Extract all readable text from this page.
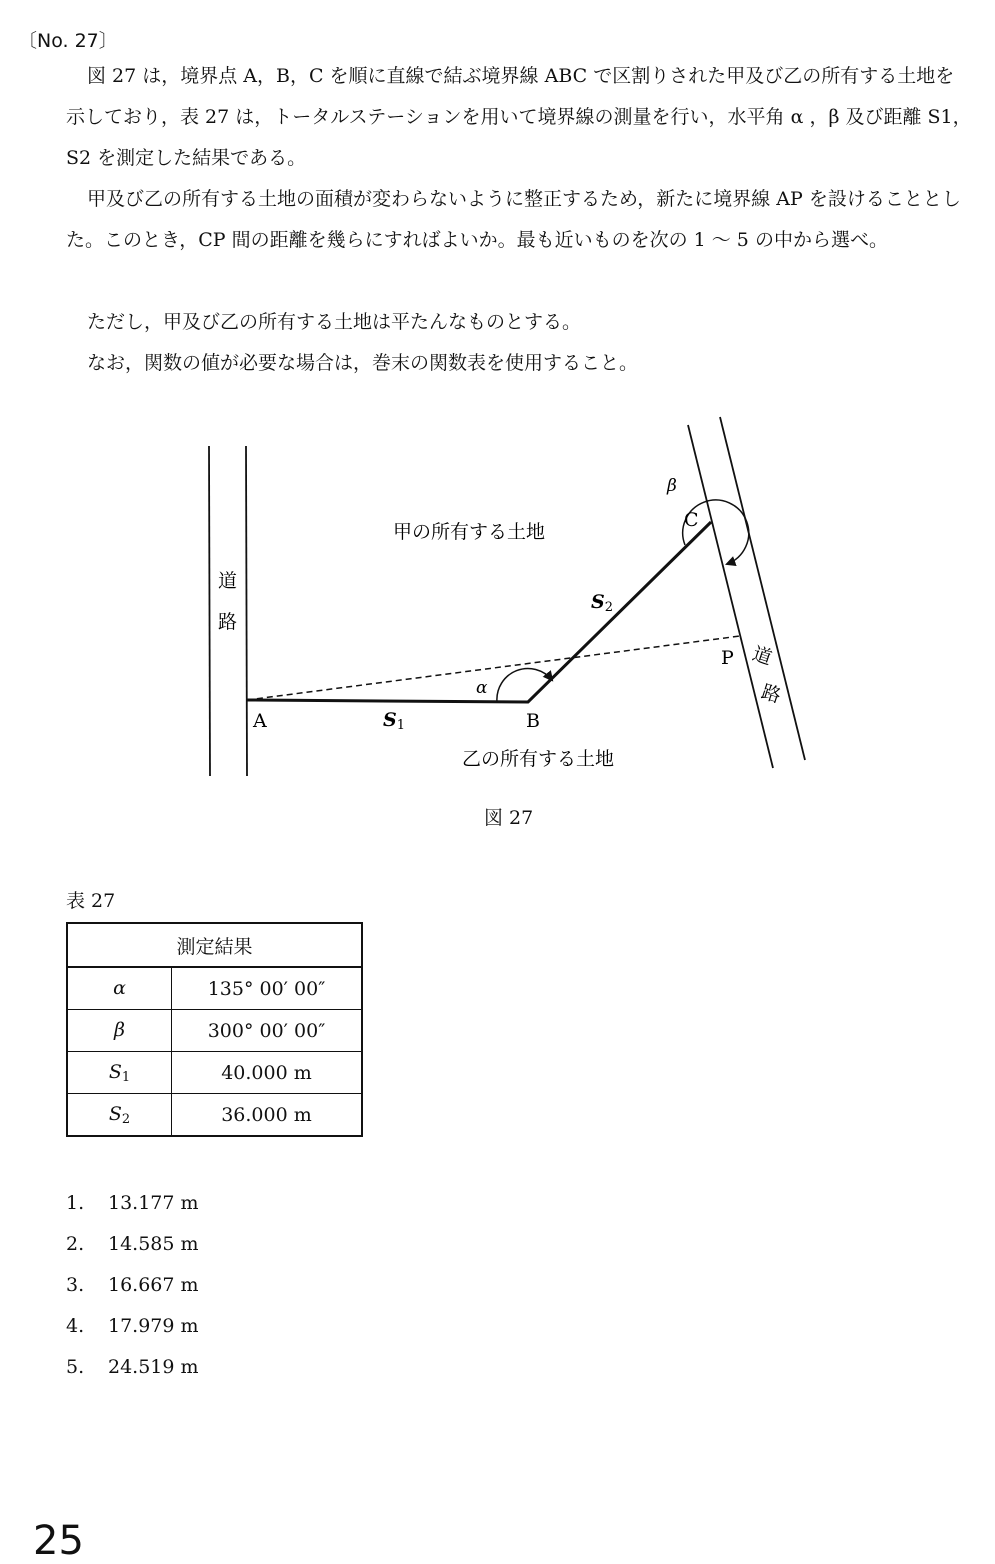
〔No. 27〕

図 27 は，境界点 A，B，C を順に直線で結ぶ境界線 ABC で区割りされた甲及び乙の所有する土地を示しており，表 27 は，トータルステーションを用いて境界線の測量を行い，水平角 α ，β 及び距離 S1，S2 を測定した結果である。

甲及び乙の所有する土地の面積が変わらないように整正するため，新たに境界線 AP を設けることとした。このとき，CP 間の距離を幾らにすればよいか。最も近いものを次の 1 〜 5 の中から選べ。

ただし，甲及び乙の所有する土地は平たんなものとする。

なお，関数の値が必要な場合は，巻末の関数表を使用すること。

道
路
道
路
甲の所有する土地
乙の所有する土地
A	B
C
P
α
β
S1
S2
図 27
表 27
測定結果	
α	135° 00′ 00″
β	300° 00′ 00″
$S_1$	40.000 m
$S_2$	36.000 m
1. 13.177 m
2. 14.585 m
3. 16.667 m
4. 17.979 m
5. 24.519 m
25
